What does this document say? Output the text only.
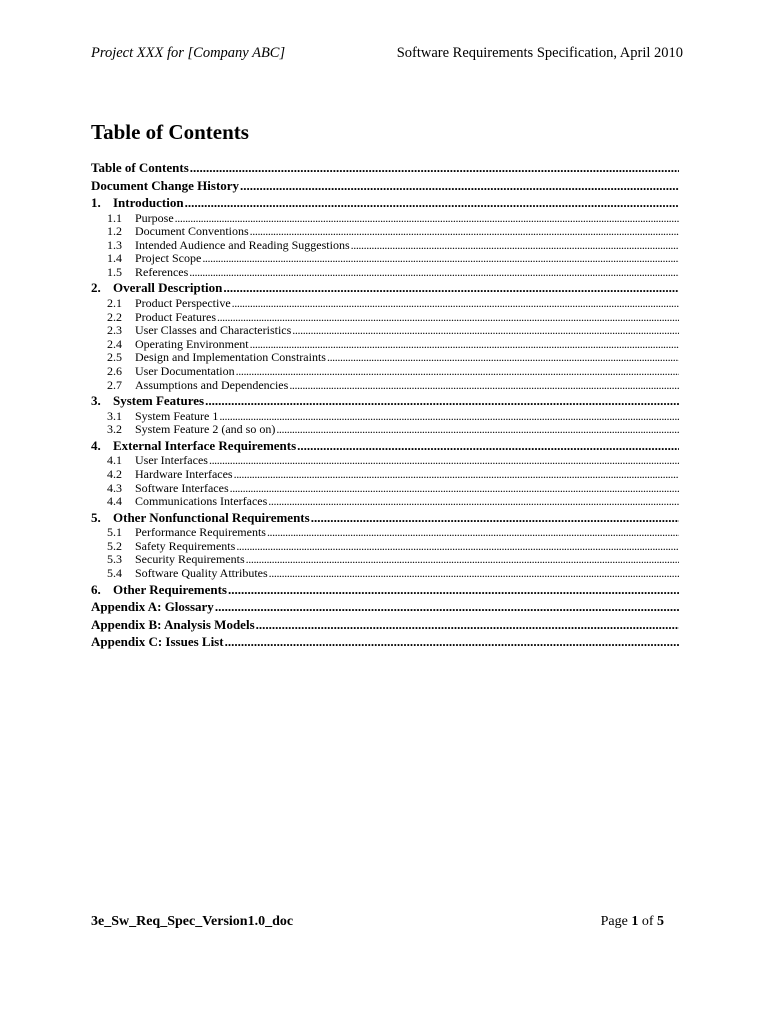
Project XXX for [Company ABC]	Software Requirements Specification, April 2010
Table of Contents
Table of Contents
.....
Document Change History
.....
1. Introduction
.....
1.1 Purpose
.....
1.2 Document Conventions
.....
1.3 Intended Audience and Reading Suggestions
.....
1.4 Project Scope
.....
1.5 References
.....
2. Overall Description
.....
2.1 Product Perspective
.....
2.2 Product Features
.....
2.3 User Classes and Characteristics
.....
2.4 Operating Environment
.....
2.5 Design and Implementation Constraints
.....
2.6 User Documentation
.....
2.7 Assumptions and Dependencies
.....
3. System Features
.....
3.1 System Feature 1
.....
3.2 System Feature 2 (and so on)
.....
4. External Interface Requirements
.....
4.1 User Interfaces
.....
4.2 Hardware Interfaces
.....
4.3 Software Interfaces
.....
4.4 Communications Interfaces
.....
5. Other Nonfunctional Requirements
.....
5.1 Performance Requirements
.....
5.2 Safety Requirements
.....
5.3 Security Requirements
.....
5.4 Software Quality Attributes
.....
6. Other Requirements
.....
Appendix A: Glossary
.....
Appendix B: Analysis Models
.....
Appendix C: Issues List
.....
3e_Sw_Req_Spec_Version1.0_doc	Page 1 of 5
